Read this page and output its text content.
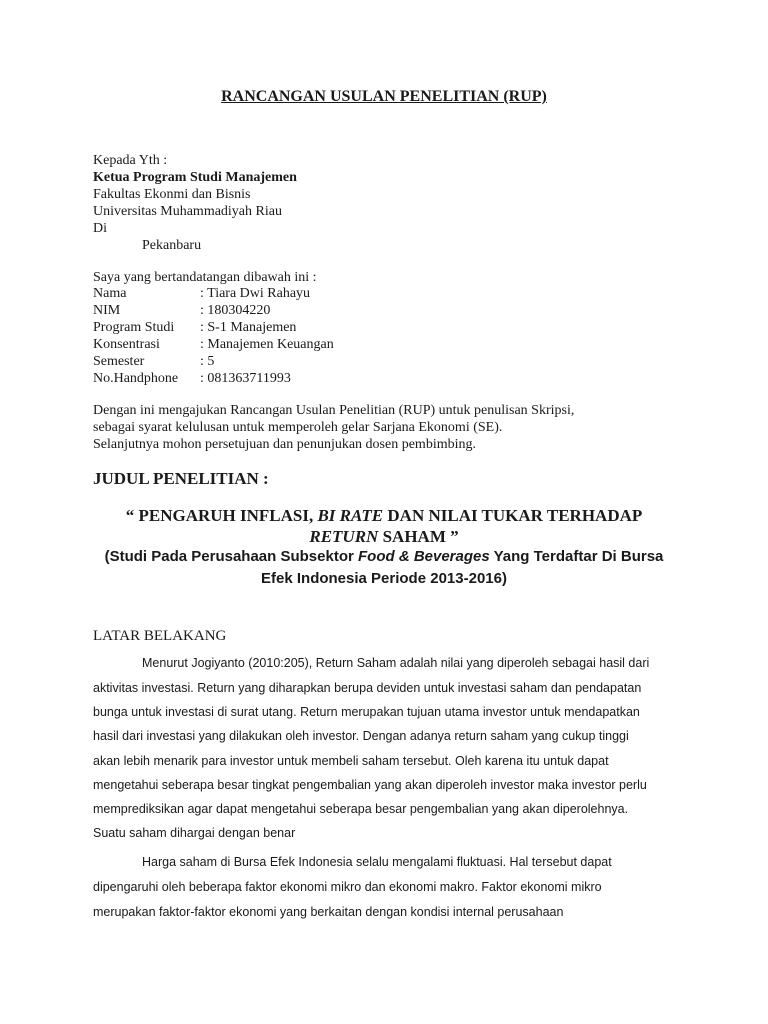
RANCANGAN USULAN PENELITIAN (RUP)
Kepada Yth :
Ketua Program Studi Manajemen
Fakultas Ekonmi dan Bisnis
Universitas Muhammadiyah Riau
Di
Pekanbaru
Saya yang bertandatangan dibawah ini :
Nama	: Tiara Dwi Rahayu
NIM	: 180304220
Program Studi : S-1 Manajemen
Konsentrasi	: Manajemen Keuangan
Semester	: 5
No.Handphone : 081363711993
Dengan ini mengajukan Rancangan Usulan Penelitian (RUP) untuk penulisan Skripsi,
sebagai syarat kelulusan untuk memperoleh gelar Sarjana Ekonomi (SE).
Selanjutnya mohon persetujuan dan penunjukan dosen pembimbing.
JUDUL PENELITIAN :
“ PENGARUH INFLASI, BI RATE DAN NILAI TUKAR TERHADAP
RETURN SAHAM ”
(Studi Pada Perusahaan Subsektor Food & Beverages Yang Terdaftar Di Bursa
Efek Indonesia Periode 2013-2016)
LATAR BELAKANG
Menurut Jogiyanto (2010:205), Return Saham adalah nilai yang diperoleh sebagai hasil dari
aktivitas investasi. Return yang diharapkan berupa deviden untuk investasi saham dan pendapatan
bunga untuk investasi di surat utang. Return merupakan tujuan utama investor untuk mendapatkan
hasil dari investasi yang dilakukan oleh investor. Dengan adanya return saham yang cukup tinggi
akan lebih menarik para investor untuk membeli saham tersebut. Oleh karena itu untuk dapat
mengetahui seberapa besar tingkat pengembalian yang akan diperoleh investor maka investor perlu
memprediksikan agar dapat mengetahui seberapa besar pengembalian yang akan diperolehnya.
Suatu saham dihargai dengan benar
Harga saham di Bursa Efek Indonesia selalu mengalami fluktuasi. Hal tersebut dapat
dipengaruhi oleh beberapa faktor ekonomi mikro dan ekonomi makro. Faktor ekonomi mikro
merupakan faktor-faktor ekonomi yang berkaitan dengan kondisi internal perusahaan
